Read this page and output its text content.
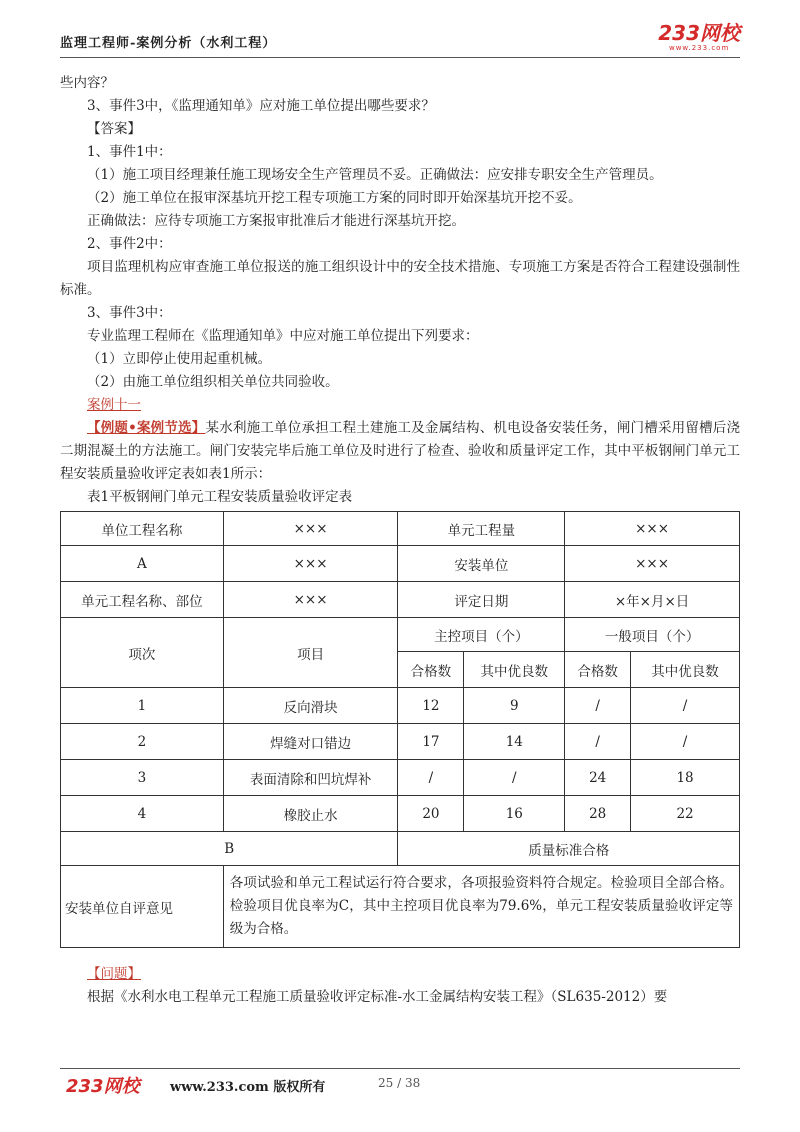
监理工程师-案例分析（水利工程）	233网校
www.233.com
些内容？
3、事件3中，《监理通知单》应对施工单位提出哪些要求？
【答案】
1、事件1中：
（1）施工项目经理兼任施工现场安全生产管理员不妥。正确做法：应安排专职安全生产管理员。
（2）施工单位在报审深基坑开挖工程专项施工方案的同时即开始深基坑开挖不妥。
正确做法：应待专项施工方案报审批准后才能进行深基坑开挖。
2、事件2中：
项目监理机构应审查施工单位报送的施工组织设计中的安全技术措施、专项施工方案是否符合工程建设强制性标准。
3、事件3中：
专业监理工程师在《监理通知单》中应对施工单位提出下列要求：
（1）立即停止使用起重机械。
（2）由施工单位组织相关单位共同验收。
案例十一
【例题•案例节选】某水利施工单位承担工程土建施工及金属结构、机电设备安装任务，闸门槽采用留槽后浇二期混凝土的方法施工。闸门安装完毕后施工单位及时进行了检查、验收和质量评定工作，其中平板钢闸门单元工程安装质量验收评定表如表1所示：
表1平板钢闸门单元工程安装质量验收评定表
单位工程名称	×××	单元工程量		×××	
A	×××	安装单位		×××	
单元工程名称、部位	×××	评定日期		×年×月×日	
项次	项目	主控项目（个）		一般项目（个）	
		合格数	其中优良数	合格数	其中优良数
1	反向滑块	12	9	/	/
2	焊缝对口错边	17	14	/	/
3	表面清除和凹坑焊补	/	/	24	18
4	橡胶止水	20	16	28	22
B		质量标准合格			
安装单位自评意见	各项试验和单元工程试运行符合要求，各项报验资料符合规定。检验项目全部合格。检验项目优良率为C，其中主控项目优良率为79.6%，单元工程安装质量验收评定等级为合格。				
【问题】
根据《水利水电工程单元工程施工质量验收评定标准-水工金属结构安装工程》（SL635-2012）要
233网校 www.233.com 版权所有	25 / 38
